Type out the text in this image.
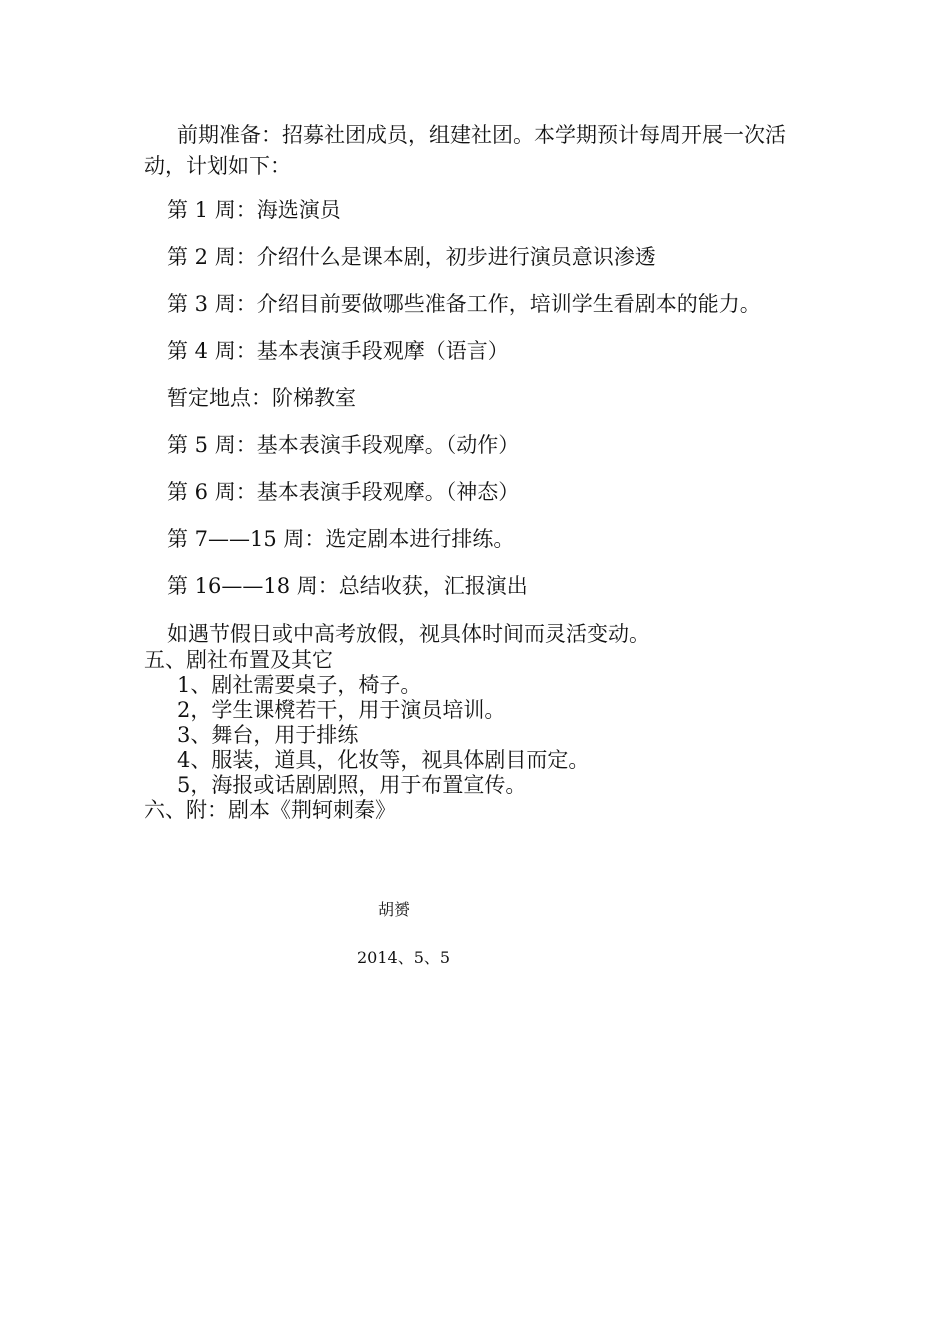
前期准备：招募社团成员，组建社团。本学期预计每周开展一次活动，计划如下：

第 1 周：海选演员

第 2 周：介绍什么是课本剧，初步进行演员意识渗透

第 3 周：介绍目前要做哪些准备工作，培训学生看剧本的能力。

第 4 周：基本表演手段观摩（语言）

暂定地点：阶梯教室

第 5 周：基本表演手段观摩。（动作）

第 6 周：基本表演手段观摩。（神态）

第 7——15 周：选定剧本进行排练。

第 16——18 周：总结收获，汇报演出

如遇节假日或中高考放假，视具体时间而灵活变动。

五、剧社布置及其它

1、剧社需要桌子，椅子。

2，学生课櫈若干，用于演员培训。

3、舞台，用于排练

4、服装，道具，化妆等，视具体剧目而定。

5，海报或话剧剧照，用于布置宣传。

六、附：剧本《荆轲刺秦》

胡赟

2014、5、5
